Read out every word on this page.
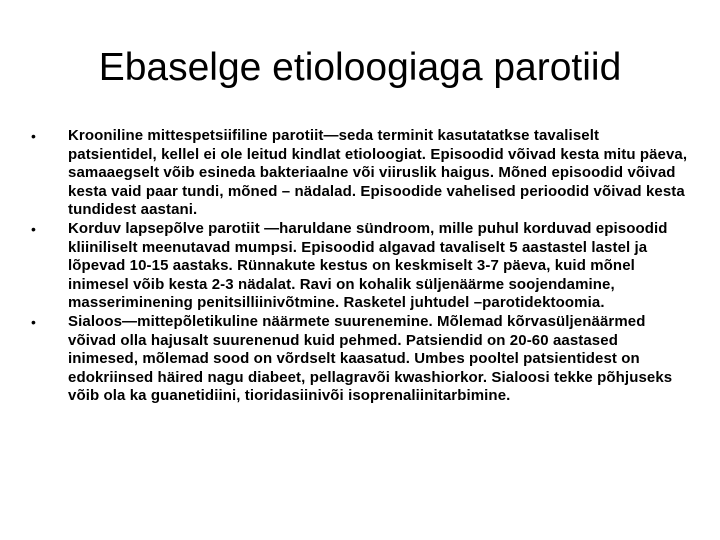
Ebaselge etioloogiaga parotiid
• Krooniline mittespetsiifiline parotiit—seda terminit kasutatatkse tavaliselt patsientidel, kellel ei ole leitud kindlat etioloogiat. Episoodid võivad kesta mitu päeva, samaaegselt võib esineda bakteriaalne või viiruslik haigus. Mõned episoodid võivad kesta vaid paar tundi, mõned – nädalad. Episoodide vahelised perioodid võivad kesta tundidest aastani.
• Korduv lapsepõlve parotiit —haruldane sündroom, mille puhul korduvad episoodid kliiniliselt meenutavad mumpsi. Episoodid algavad tavaliselt 5 aastastel lastel ja lõpevad 10-15 aastaks. Rünnakute kestus on keskmiselt 3-7 päeva, kuid mõnel inimesel võib kesta 2-3 nädalat. Ravi on kohalik süljenäärme soojendamine, masseriminening penitsilliinivõtmine. Rasketel juhtudel –parotidektoomia.
• Sialoos—mittepõletikuline näärmete suurenemine. Mõlemad kõrvasüljenäärmed võivad olla hajusalt suurenenud kuid pehmed. Patsiendid on 20-60 aastased inimesed, mõlemad sood on võrdselt kaasatud. Umbes pooltel patsientidest on edokriinsed häired nagu diabeet, pellagravõi kwashiorkor. Sialoosi tekke põhjuseks võib ola ka guanetidiini, tioridasiinivõi isoprenaliinitarbimine.
